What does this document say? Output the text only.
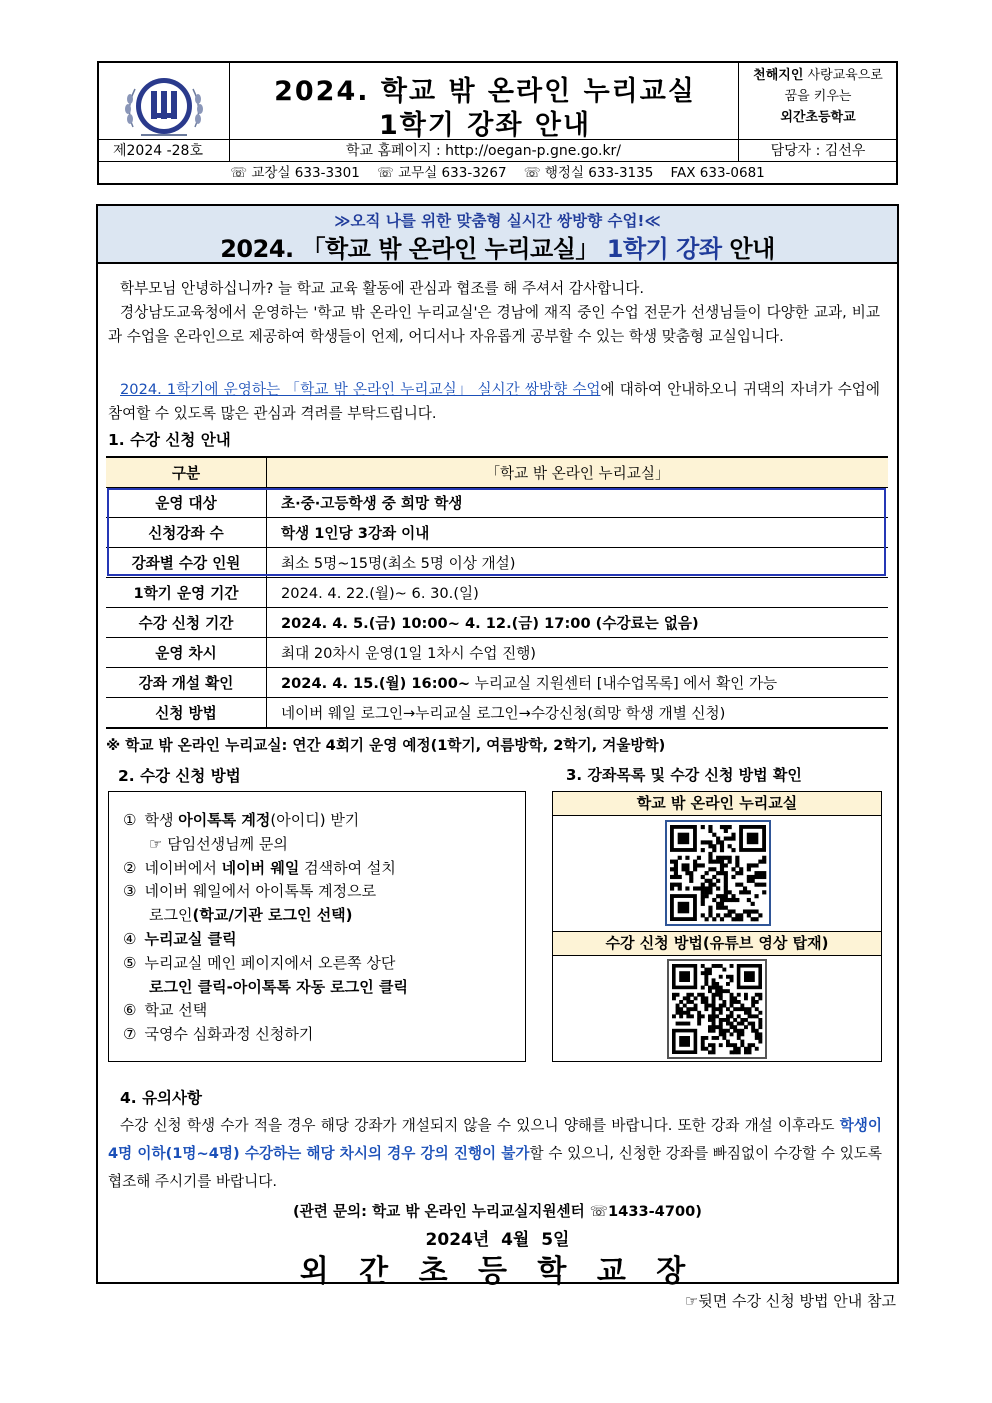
2024. 학교 밖 온라인 누리교실
1학기 강좌 안내
천해지인 사랑교육으로
꿈을 키우는
외간초등학교
제2024 -28호	학교 홈페이지 : http://oegan-p.gne.go.kr/	담당자 : 김선우
☏ 교장실 633-3301    ☏ 교무실 633-3267    ☏ 행정실 633-3135    FAX 633-0681
≫오직 나를 위한 맞춤형 실시간 쌍방향 수업!≪
2024. 「학교 밖 온라인 누리교실」 1학기 강좌 안내
학부모님 안녕하십니까? 늘 학교 교육 활동에 관심과 협조를 해 주셔서 감사합니다.
경상남도교육청에서 운영하는 '학교 밖 온라인 누리교실'은 경남에 재직 중인 수업 전문가 선생님들이 다양한 교과, 비교과 수업을 온라인으로 제공하여 학생들이 언제, 어디서나 자유롭게 공부할 수 있는 학생 맞춤형 교실입니다.
2024. 1학기에 운영하는 「학교 밖 온라인 누리교실」 실시간 쌍방향 수업에 대하여 안내하오니 귀댁의 자녀가 수업에 참여할 수 있도록 많은 관심과 격려를 부탁드립니다.
1. 수강 신청 안내
구분	「학교 밖 온라인 누리교실」
운영 대상	초·중·고등학생 중 희망 학생
신청강좌 수	학생 1인당 3강좌 이내
강좌별 수강 인원	최소 5명~15명(최소 5명 이상 개설)
1학기 운영 기간	2024. 4. 22.(월)~ 6. 30.(일)
수강 신청 기간	2024. 4. 5.(금) 10:00~ 4. 12.(금) 17:00 (수강료는 없음)
운영 차시	최대 20차시 운영(1일 1차시 수업 진행)
강좌 개설 확인	2024. 4. 15.(월) 16:00~ 누리교실 지원센터 [내수업목록] 에서 확인 가능
신청 방법	네이버 웨일 로그인→누리교실 로그인→수강신청(희망 학생 개별 신청)
※ 학교 밖 온라인 누리교실: 연간 4회기 운영 예정(1학기, 여름방학, 2학기, 겨울방학)
2. 수강 신청 방법
① 학생 아이톡톡 계정(아이디) 받기
☞ 담임선생님께 문의
② 네이버에서 네이버 웨일 검색하여 설치
③ 네이버 웨일에서 아이톡톡 계정으로
로그인(학교/기관 로그인 선택)
④ 누리교실 클릭
⑤ 누리교실 메인 페이지에서 오른쪽 상단
로그인 클릭-아이톡톡 자동 로그인 클릭
⑥ 학교 선택
⑦ 국영수 심화과정 신청하기
3. 강좌목록 및 수강 신청 방법 확인
학교 밖 온라인 누리교실
수강 신청 방법(유튜브 영상 탑재)
4. 유의사항
수강 신청 학생 수가 적을 경우 해당 강좌가 개설되지 않을 수 있으니 양해를 바랍니다. 또한 강좌 개설 이후라도 학생이 4명 이하(1명~4명) 수강하는 해당 차시의 경우 강의 진행이 불가할 수 있으니, 신청한 강좌를 빠짐없이 수강할 수 있도록 협조해 주시기를 바랍니다.
(관련 문의: 학교 밖 온라인 누리교실지원센터 ☏1433-4700)
2024년  4월  5일
외 간 초 등 학 교 장
☞뒷면 수강 신청 방법 안내 참고
